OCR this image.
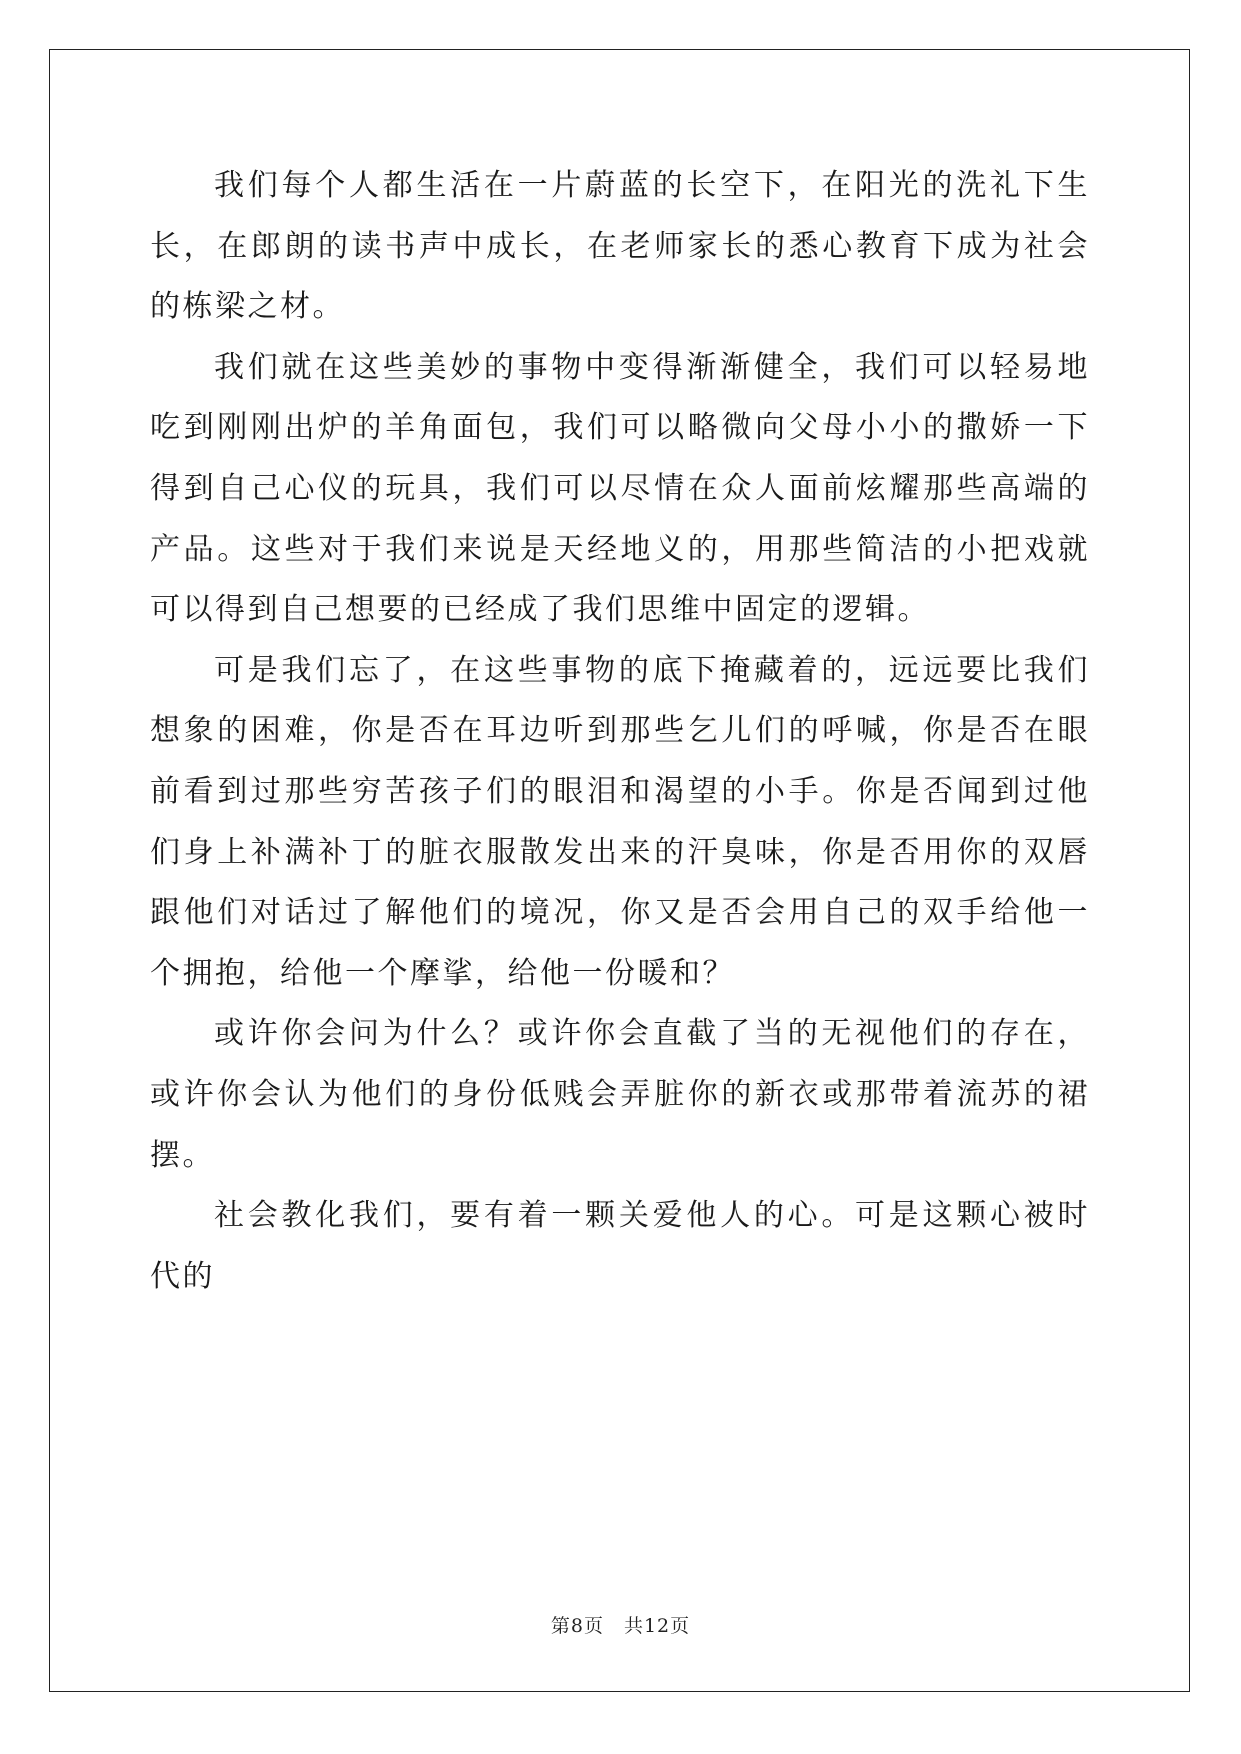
我们每个人都生活在一片蔚蓝的长空下，在阳光的洗礼下生长，在郎朗的读书声中成长，在老师家长的悉心教育下成为社会的栋梁之材。

我们就在这些美妙的事物中变得渐渐健全，我们可以轻易地吃到刚刚出炉的羊角面包，我们可以略微向父母小小的撒娇一下得到自己心仪的玩具，我们可以尽情在众人面前炫耀那些高端的产品。这些对于我们来说是天经地义的，用那些简洁的小把戏就可以得到自己想要的已经成了我们思维中固定的逻辑。

可是我们忘了，在这些事物的底下掩藏着的，远远要比我们想象的困难，你是否在耳边听到那些乞儿们的呼喊，你是否在眼前看到过那些穷苦孩子们的眼泪和渴望的小手。你是否闻到过他们身上补满补丁的脏衣服散发出来的汗臭味，你是否用你的双唇跟他们对话过了解他们的境况，你又是否会用自己的双手给他一个拥抱，给他一个摩挲，给他一份暖和？

或许你会问为什么？或许你会直截了当的无视他们的存在，或许你会认为他们的身份低贱会弄脏你的新衣或那带着流苏的裙摆。

社会教化我们，要有着一颗关爱他人的心。可是这颗心被时代的

第8页 共12页
